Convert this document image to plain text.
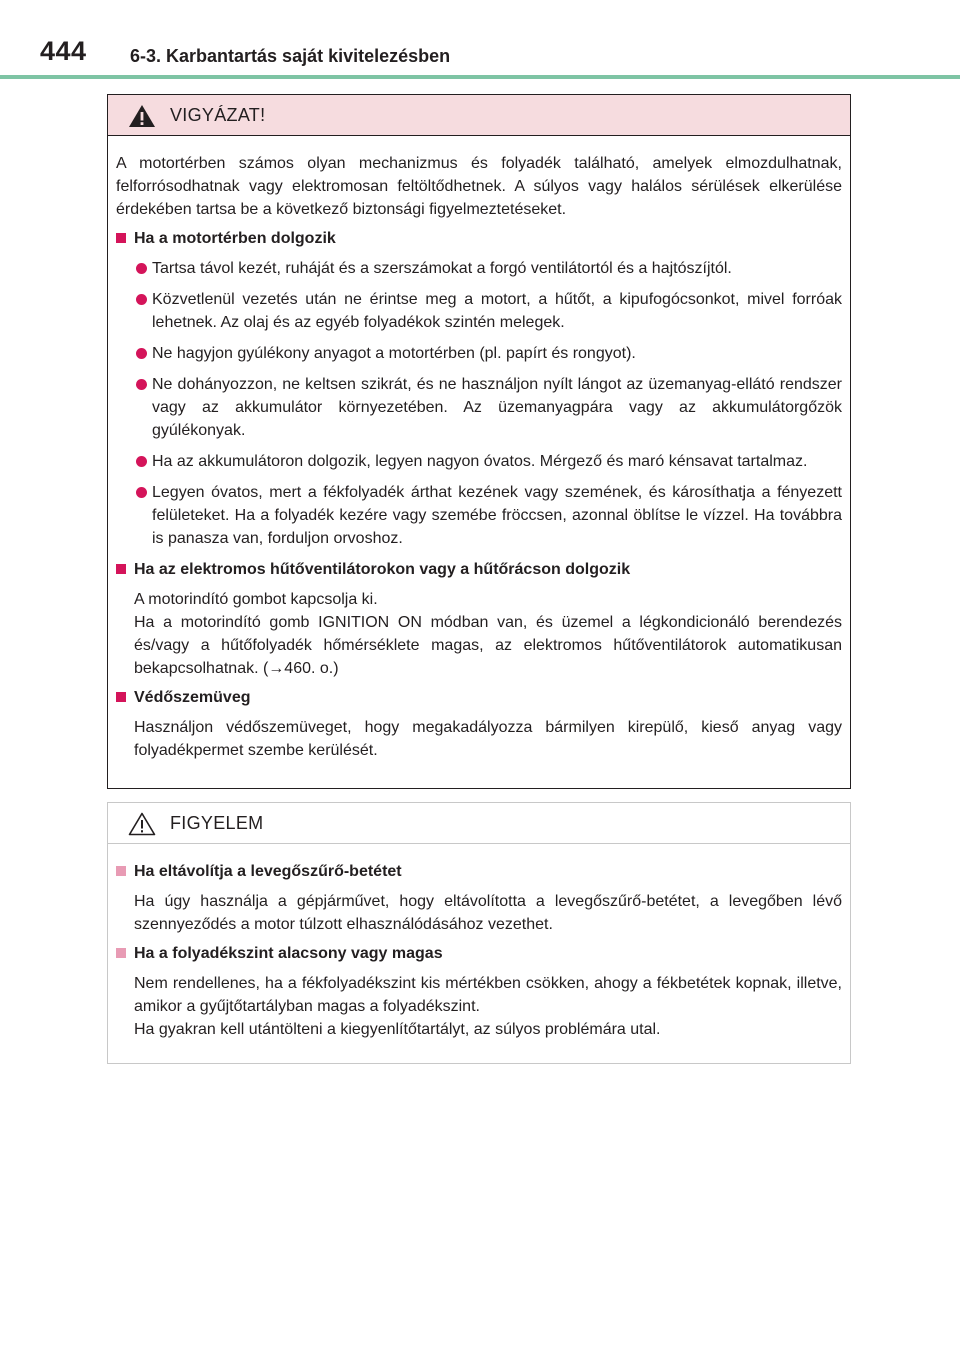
444 6-3. Karbantartás saját kivitelezésben
VIGYÁZAT!

A motortérben számos olyan mechanizmus és folyadék található, amelyek elmozdulhatnak, felforrósodhatnak vagy elektromosan feltöltődhetnek. A súlyos vagy halálos sérülések elkerülése érdekében tartsa be a következő biztonsági figyelmeztetéseket.

Ha a motortérben dolgozik

Tartsa távol kezét, ruháját és a szerszámokat a forgó ventilátortól és a hajtószíjtól.

Közvetlenül vezetés után ne érintse meg a motort, a hűtőt, a kipufogócsonkot, mivel forróak lehetnek. Az olaj és az egyéb folyadékok szintén melegek.

Ne hagyjon gyúlékony anyagot a motortérben (pl. papírt és rongyot).

Ne dohányozzon, ne keltsen szikrát, és ne használjon nyílt lángot az üzemanyag-ellátó rendszer vagy az akkumulátor környezetében. Az üzemanyagpára vagy az akkumulátorgőzök gyúlékonyak.

Ha az akkumulátoron dolgozik, legyen nagyon óvatos. Mérgező és maró kénsavat tartalmaz.

Legyen óvatos, mert a fékfolyadék árthat kezének vagy szemének, és károsíthatja a fényezett felületeket. Ha a folyadék kezére vagy szemébe fröccsen, azonnal öblítse le vízzel. Ha továbbra is panasza van, forduljon orvoshoz.

Ha az elektromos hűtőventilátorokon vagy a hűtőrácson dolgozik

A motorindító gombot kapcsolja ki.
Ha a motorindító gomb IGNITION ON módban van, és üzemel a légkondicionáló berendezés és/vagy a hűtőfolyadék hőmérséklete magas, az elektromos hűtőventilátorok automatikusan bekapcsolhatnak. (→460. o.)

Védőszemüveg

Használjon védőszemüveget, hogy megakadályozza bármilyen kirepülő, kieső anyag vagy folyadékpermet szembe kerülését.

FIGYELEM
Ha eltávolítja a levegőszűrő-betétet

Ha úgy használja a gépjárművet, hogy eltávolította a levegőszűrő-betétet, a levegőben lévő szennyeződés a motor túlzott elhasználódásához vezethet.

Ha a folyadékszint alacsony vagy magas

Nem rendellenes, ha a fékfolyadékszint kis mértékben csökken, ahogy a fékbetétek kopnak, illetve, amikor a gyűjtőtartályban magas a folyadékszint.
Ha gyakran kell utántölteni a kiegyenlítőtartályt, az súlyos problémára utal.
